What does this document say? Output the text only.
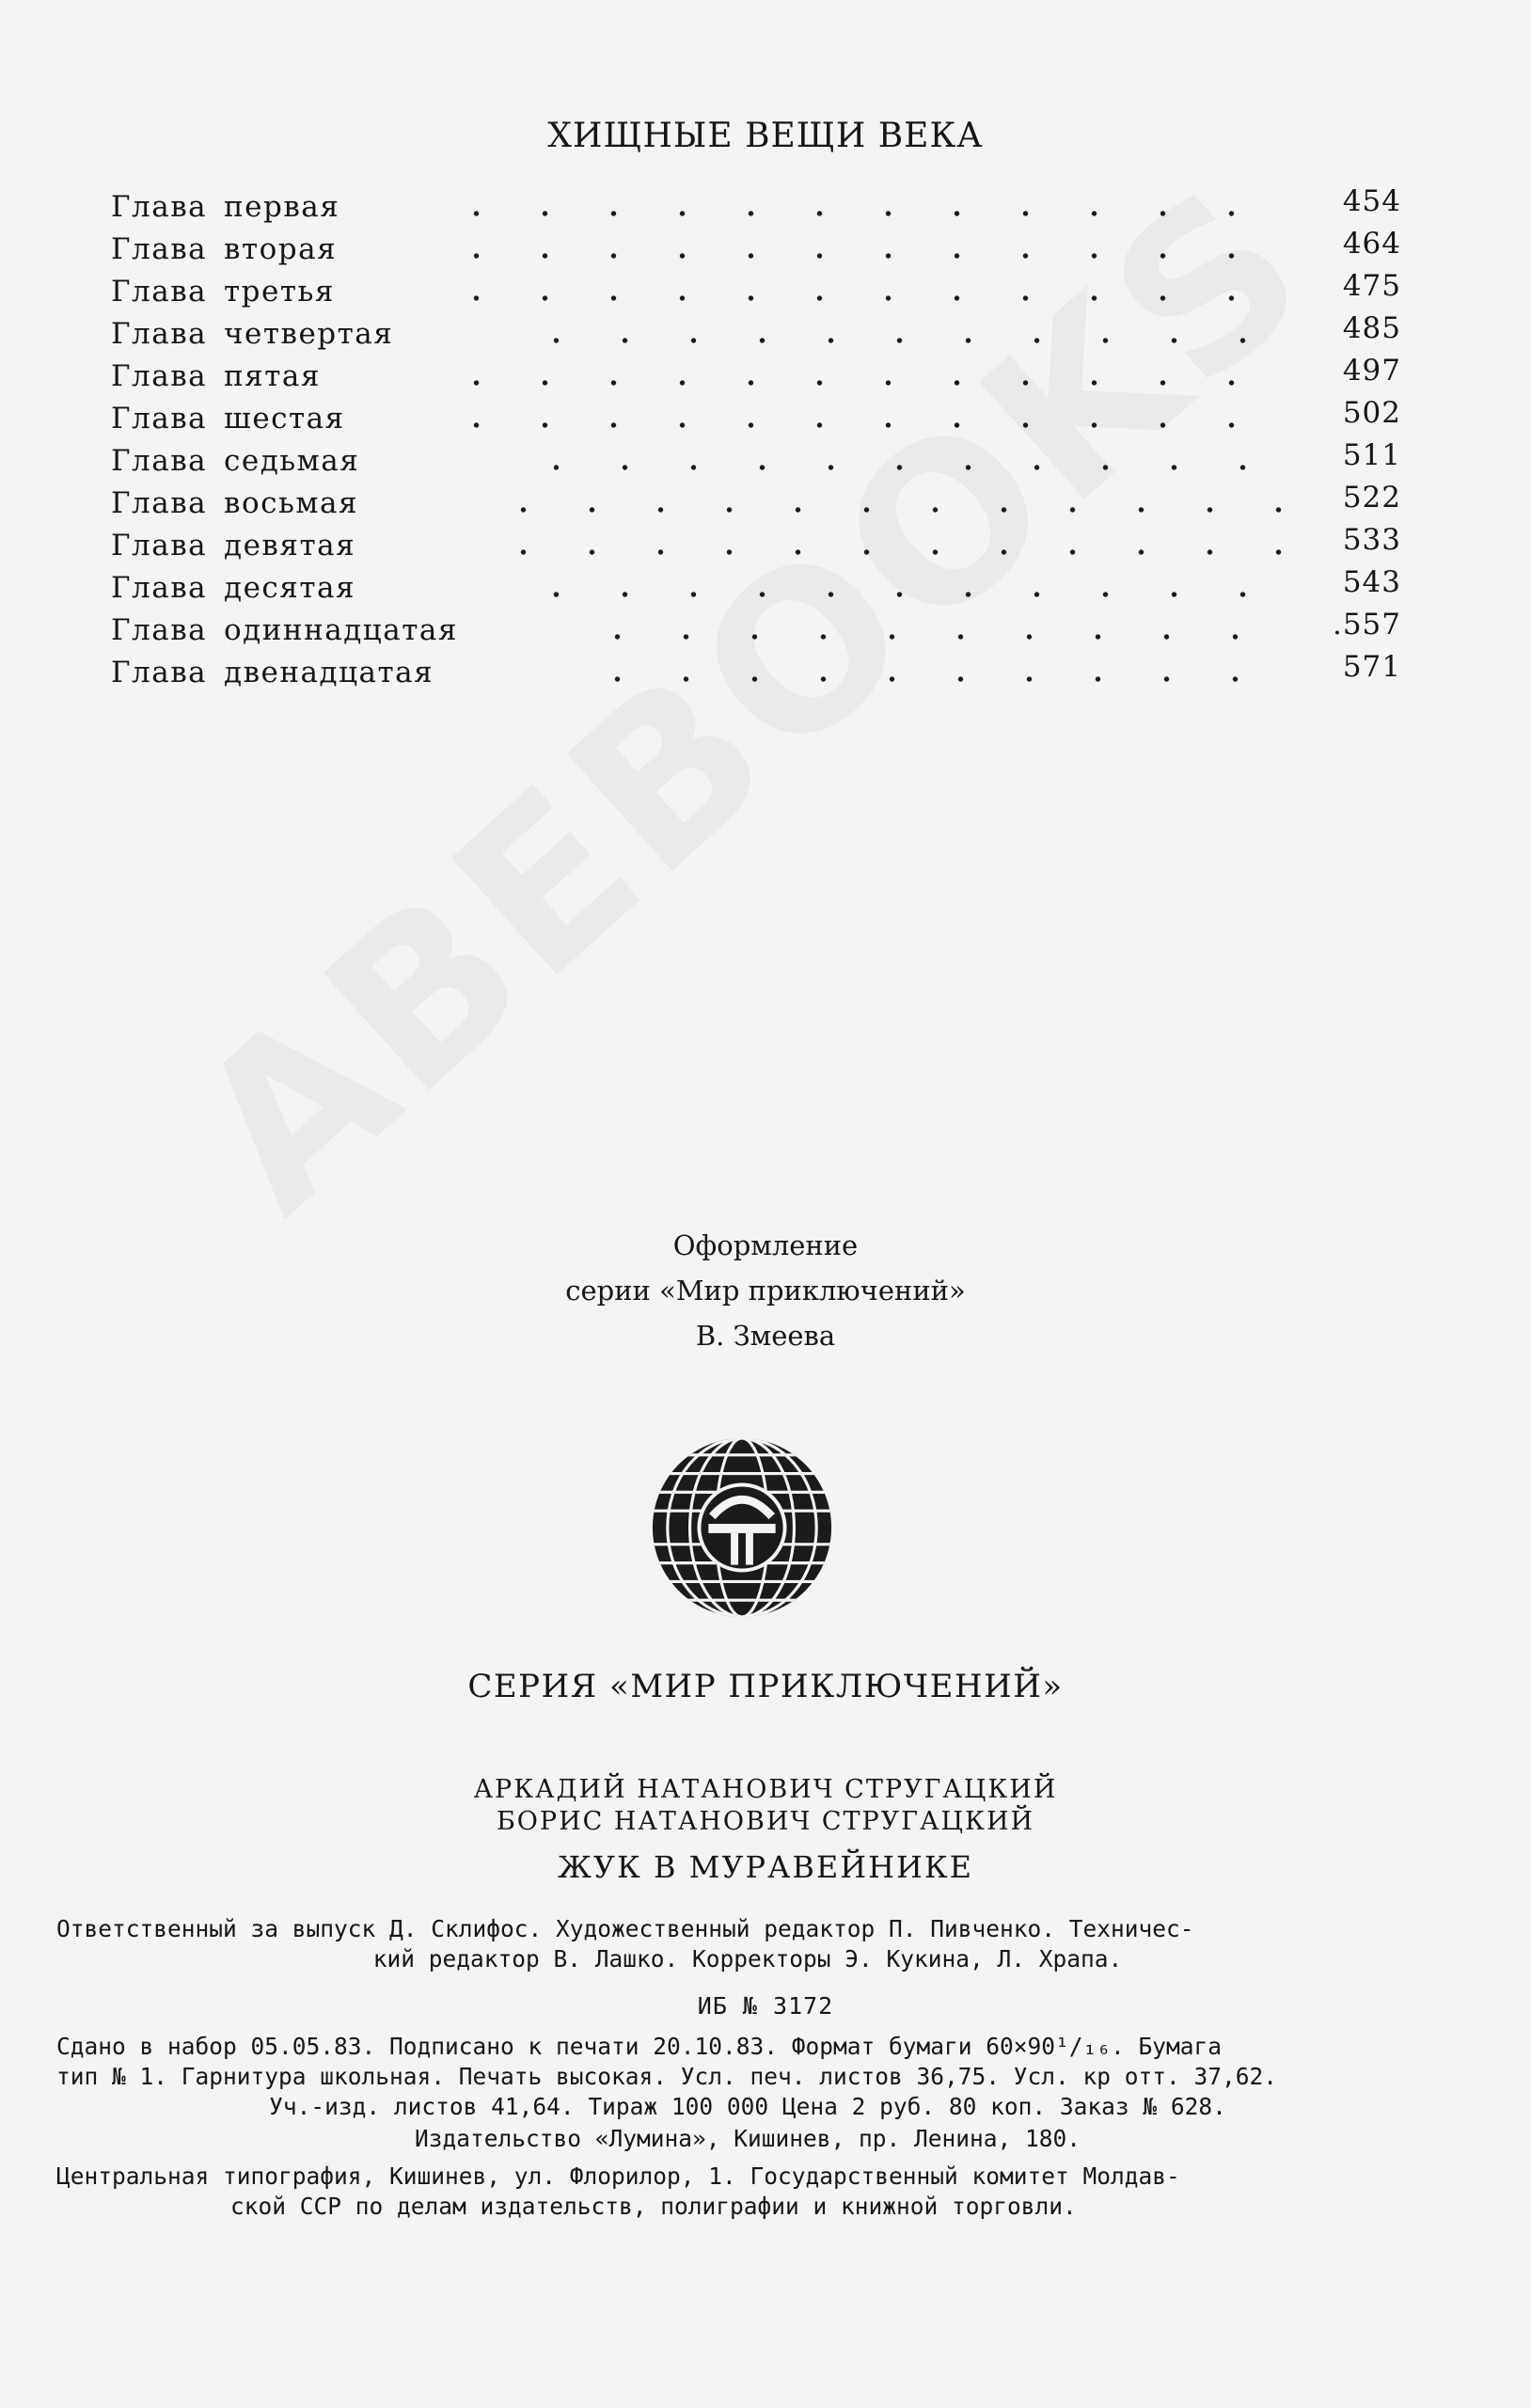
ХИЩНЫЕ ВЕЩИ ВЕКА
Глава первая	454
Глава вторая	464
Глава третья	475
Глава четвертая	485
Глава пятая	497
Глава шестая	502
Глава седьмая	511
Глава восьмая	522
Глава девятая	533
Глава десятая	543
Глава одиннадцатая	.557
Глава двенадцатая	571
Оформление
серии «Мир приключений»
В. Змеева
СЕРИЯ «МИР ПРИКЛЮЧЕНИЙ»
АРКАДИЙ НАТАНОВИЧ СТРУГАЦКИЙ
БОРИС НАТАНОВИЧ СТРУГАЦКИЙ
ЖУК В МУРАВЕЙНИКЕ
Ответственный за выпуск Д. Склифос. Художественный редактор П. Пивченко. Техничес-
кий редактор В. Лашко. Корректоры Э. Кукина, Л. Храпа.
ИБ № 3172
Сдано в набор 05.05.83. Подписано к печати 20.10.83. Формат бумаги 60×90¹/₁₆. Бумага
тип № 1. Гарнитура школьная. Печать высокая. Усл. печ. листов 36,75. Усл. кр отт. 37,62.
Уч.-изд. листов 41,64. Тираж 100 000 Цена 2 руб. 80 коп. Заказ № 628.
Издательство «Лумина», Кишинев, пр. Ленина, 180.
Центральная типография, Кишинев, ул. Флорилор, 1. Государственный комитет Молдав-
ской ССР по делам издательств, полиграфии и книжной торговли.
